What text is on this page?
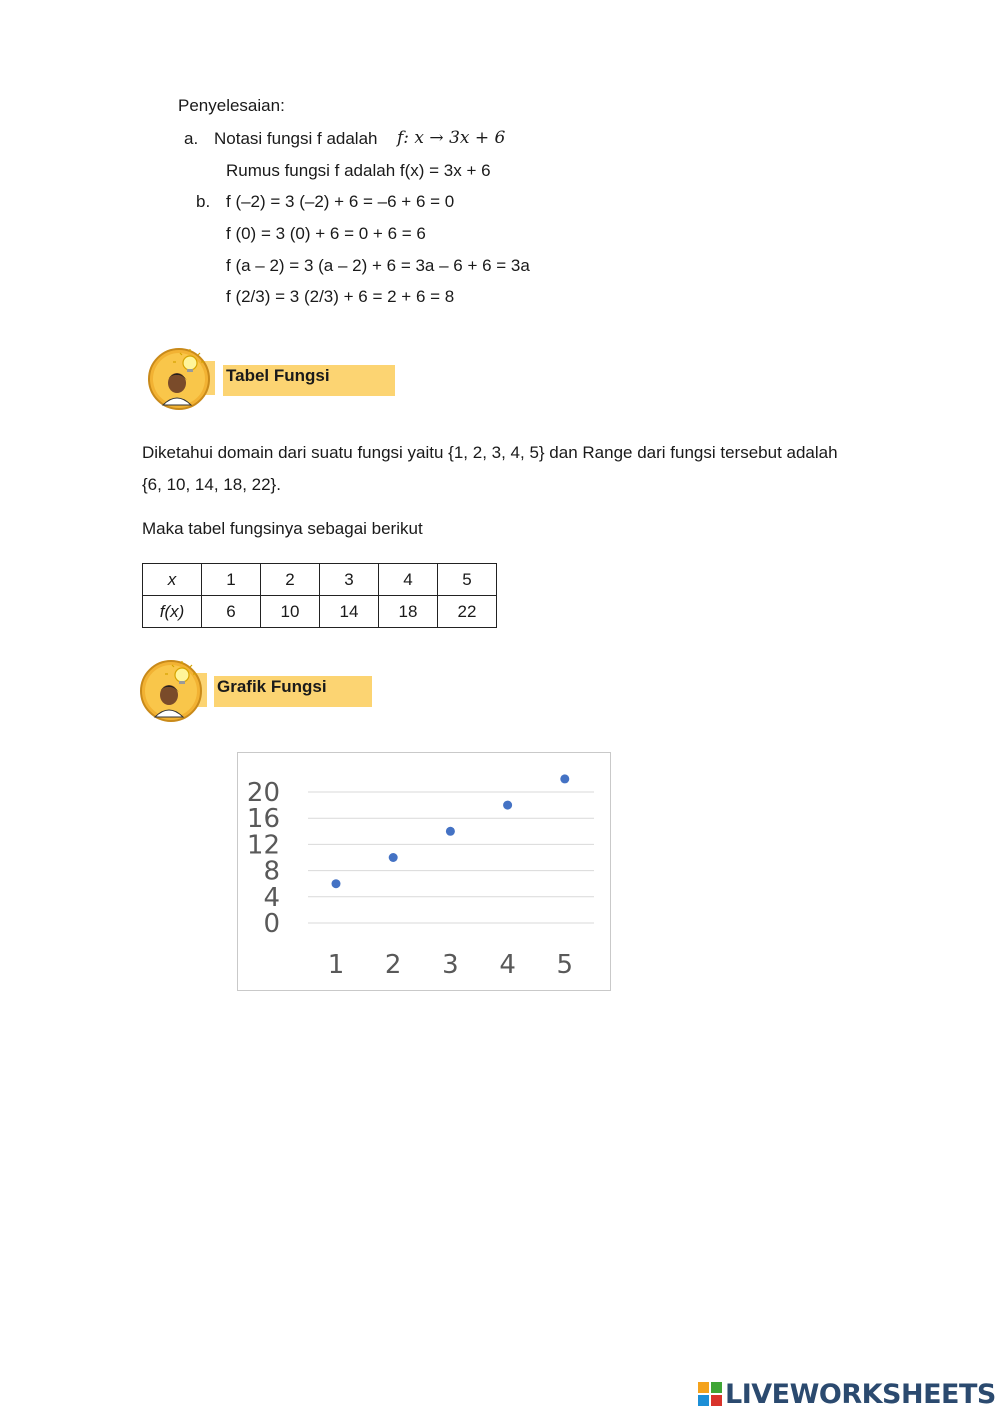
Penyelesaian:
a. Notasi fungsi f adalah f: x → 3x + 6
Rumus fungsi f adalah f(x) = 3x + 6
b. f (–2) = 3 (–2) + 6 = –6 + 6 = 0
f (0) = 3 (0) + 6 = 0 + 6 = 6
f (a – 2) = 3 (a – 2) + 6 = 3a – 6 + 6 = 3a
f (2/3) = 3 (2/3) + 6 = 2 + 6 = 8
Tabel Fungsi
Diketahui domain dari suatu fungsi yaitu {1, 2, 3, 4, 5} dan Range dari fungsi tersebut adalah
{6, 10, 14, 18, 22}.
Maka tabel fungsinya sebagai berikut
x	1	2	3	4	5
f(x)	6	10	14	18	22
Grafik Fungsi
0
4
8
12
16
20
1 2 3 4 5
LIVEWORKSHEETS
